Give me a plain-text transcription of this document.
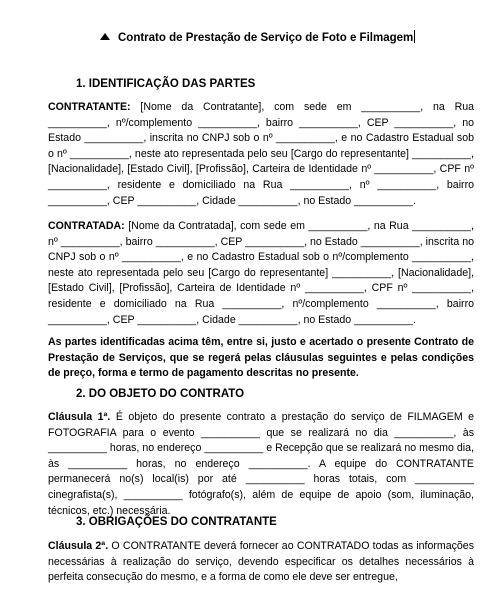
Contrato de Prestação de Serviço de Foto e Filmagem
1. IDENTIFICAÇÃO DAS PARTES
CONTRATANTE: [Nome da Contratante], com sede em __________, na Rua __________, nº/complemento __________, bairro __________, CEP __________, no Estado __________, inscrita no CNPJ sob o nº __________, e no Cadastro Estadual sob o nº __________, neste ato representada pelo seu [Cargo do representante] __________, [Nacionalidade], [Estado Civil], [Profissão], Carteira de Identidade nº __________, CPF nº __________, residente e domiciliado na Rua __________, nº __________, bairro __________, CEP __________, Cidade __________, no Estado __________.
CONTRATADA: [Nome da Contratada], com sede em __________, na Rua __________, nº __________, bairro __________, CEP __________, no Estado __________, inscrita no CNPJ sob o nº __________, e no Cadastro Estadual sob o nº/complemento __________, neste ato representada pelo seu [Cargo do representante] __________, [Nacionalidade], [Estado Civil], [Profissão], Carteira de Identidade nº __________, CPF nº __________, residente e domiciliado na Rua __________, nº/complemento __________, bairro __________, CEP __________, Cidade __________, no Estado __________.
As partes identificadas acima têm, entre si, justo e acertado o presente Contrato de Prestação de Serviços, que se regerá pelas cláusulas seguintes e pelas condições de preço, forma e termo de pagamento descritas no presente.
2. DO OBJETO DO CONTRATO
Cláusula 1ª. É objeto do presente contrato a prestação do serviço de FILMAGEM e FOTOGRAFIA para o evento __________ que se realizará no dia __________, às __________ horas, no endereço __________ e Recepção que se realizará no mesmo dia, às __________ horas, no endereço __________. A equipe do CONTRATANTE permanecerá no(s) local(is) por até __________ horas totais, com __________ cinegrafista(s), __________ fotógrafo(s), além de equipe de apoio (som, iluminação, técnicos, etc.) necessária.
3. OBRIGAÇÕES DO CONTRATANTE
Cláusula 2ª. O CONTRATANTE deverá fornecer ao CONTRATADO todas as informações necessárias à realização do serviço, devendo especificar os detalhes necessários à perfeita consecução do mesmo, e a forma de como ele deve ser entregue,
